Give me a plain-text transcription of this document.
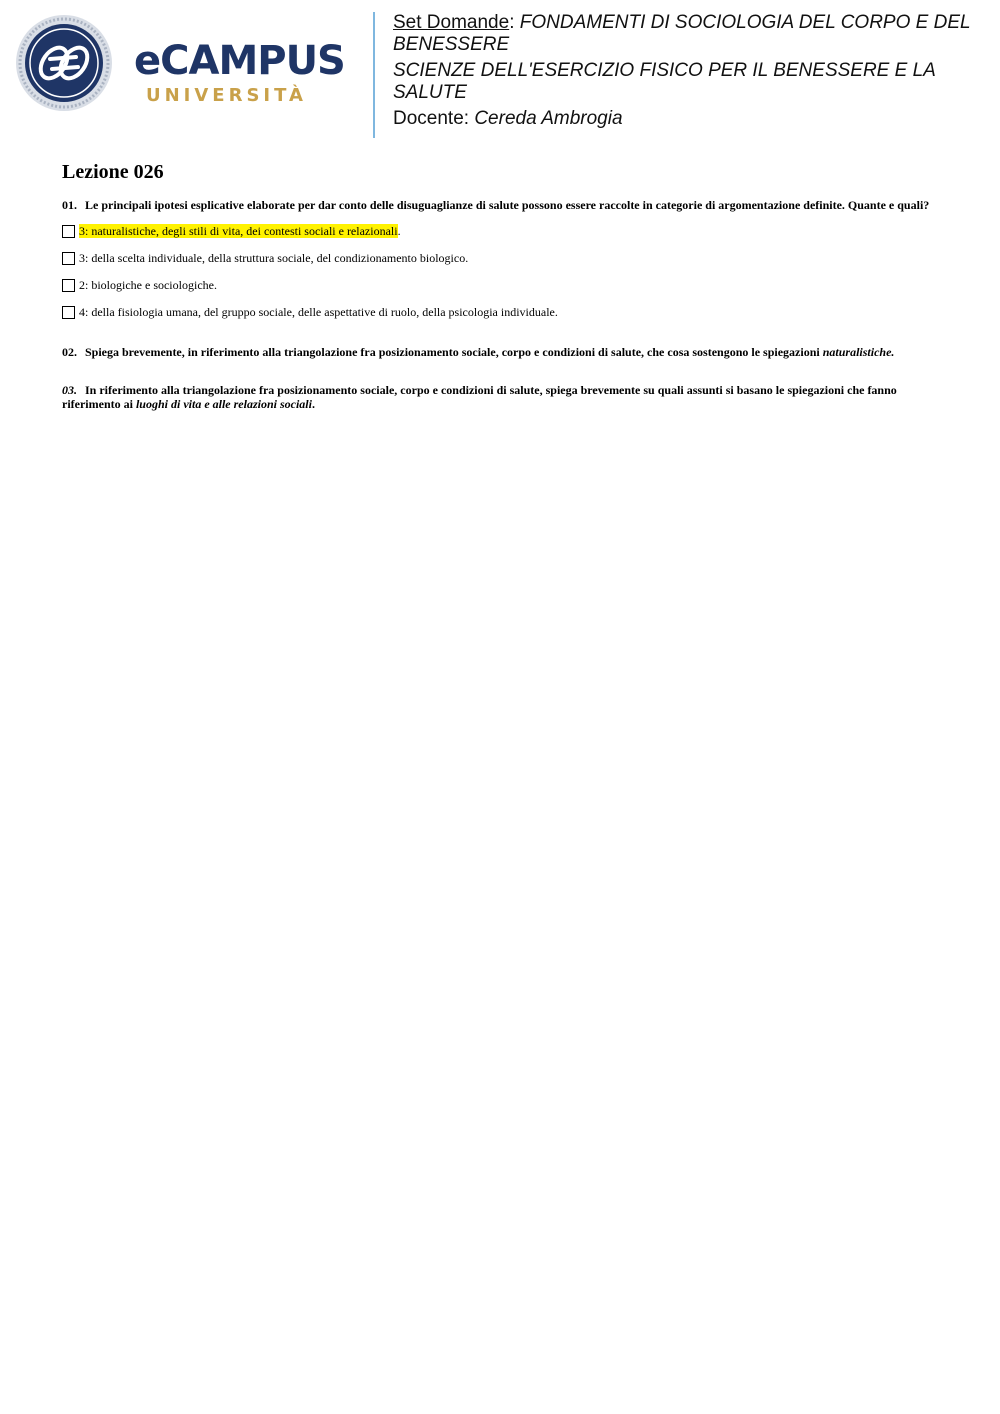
eCAMPUS
UNIVERSITÀ

Set Domande: FONDAMENTI DI SOCIOLOGIA DEL CORPO E DEL BENESSERE

SCIENZE DELL'ESERCIZIO FISICO PER IL BENESSERE E LA SALUTE

Docente: Cereda Ambrogia

Lezione 026

01. Le principali ipotesi esplicative elaborate per dar conto delle disuguaglianze di salute possono essere raccolte in categorie di argomentazione definite. Quante e quali?

3: naturalistiche, degli stili di vita, dei contesti sociali e relazionali.
3: della scelta individuale, della struttura sociale, del condizionamento biologico.
2: biologiche e sociologiche.
4: della fisiologia umana, del gruppo sociale, delle aspettative di ruolo, della psicologia individuale.

02. Spiega brevemente, in riferimento alla triangolazione fra posizionamento sociale, corpo e condizioni di salute, che cosa sostengono le spiegazioni naturalistiche.

03. In riferimento alla triangolazione fra posizionamento sociale, corpo e condizioni di salute, spiega brevemente su quali assunti si basano le spiegazioni che fanno riferimento ai luoghi di vita e alle relazioni sociali.
